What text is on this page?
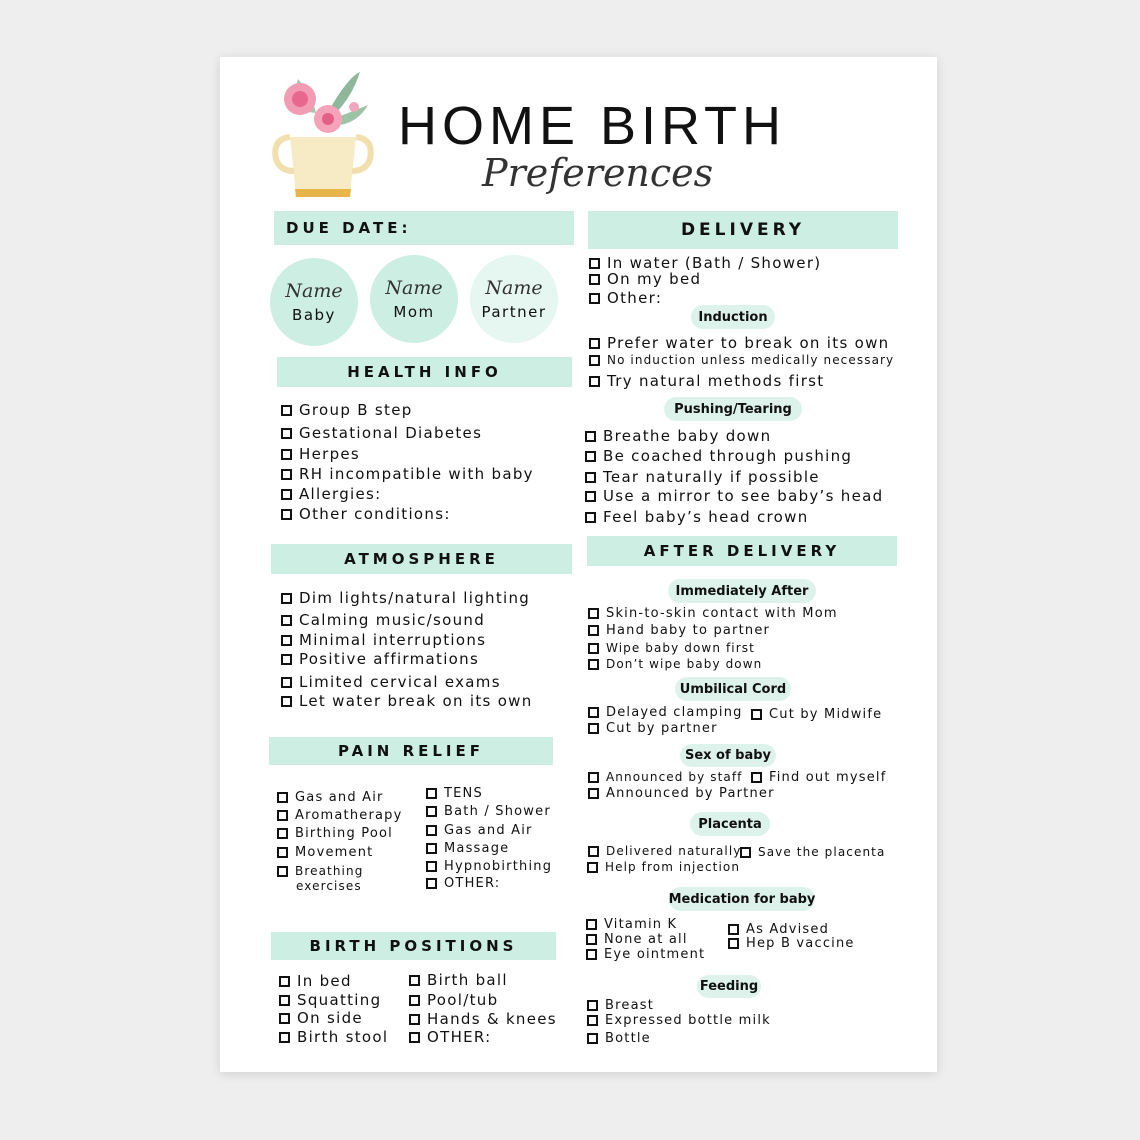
HOME BIRTH
Preferences
DUE DATE:
Name
Baby
Name
Mom
Name
Partner
HEALTH INFO
Group B step
Gestational Diabetes
Herpes
RH incompatible with baby
Allergies:
Other conditions:
ATMOSPHERE
Dim lights/natural lighting
Calming music/sound
Minimal interruptions
Positive affirmations
Limited cervical exams
Let water break on its own
PAIN RELIEF
Gas and Air
Aromatherapy
Birthing Pool
Movement
Breathing
exercises
TENS
Bath / Shower
Gas and Air
Massage
Hypnobirthing
OTHER:
BIRTH POSITIONS
In bed
Squatting
On side
Birth stool
Birth ball
Pool/tub
Hands & knees
OTHER:
DELIVERY
In water (Bath / Shower)
On my bed
Other:
Induction
Prefer water to break on its own
No induction unless medically necessary
Try natural methods first
Pushing/Tearing
Breathe baby down
Be coached through pushing
Tear naturally if possible
Use a mirror to see baby’s head
Feel baby’s head crown
AFTER DELIVERY
Immediately After
Skin-to-skin contact with Mom
Hand baby to partner
Wipe baby down first
Don’t wipe baby down
Umbilical Cord
Delayed clamping Cut by Midwife
Cut by partner
Sex of baby
Announced by staff Find out myself
Announced by Partner
Placenta
Delivered naturally Save the placenta
Help from injection
Medication for baby
Vitamin K	As Advised
None at all	Hep B vaccine
Eye ointment
Feeding
Breast
Expressed bottle milk
Bottle
